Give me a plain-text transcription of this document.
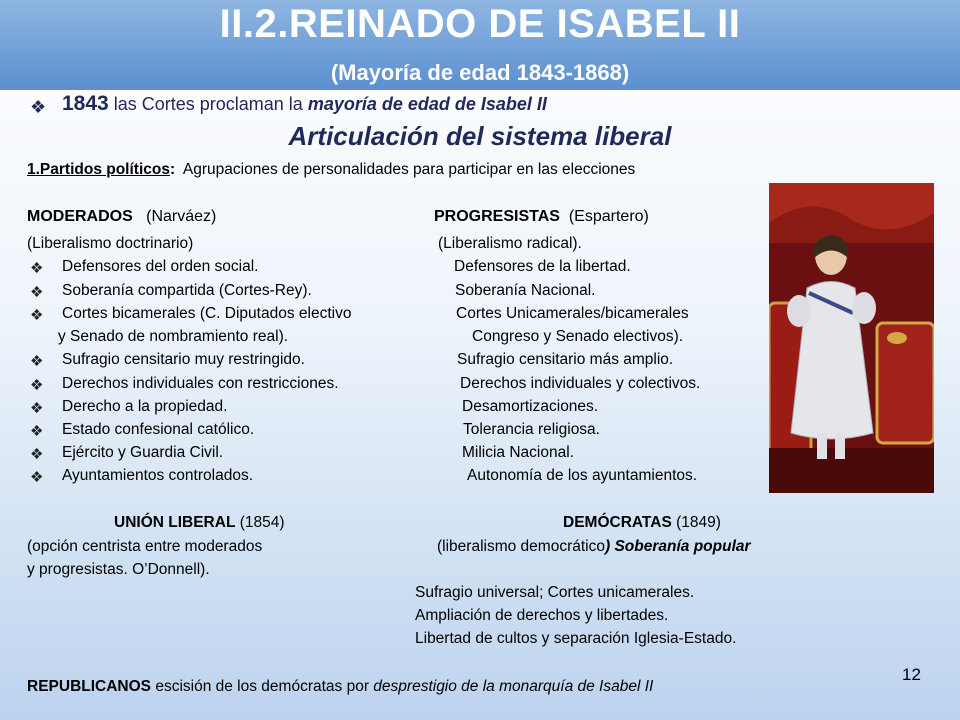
II.2.REINADO DE ISABEL II
(Mayoría de edad 1843-1868)
❖ 1843 las Cortes proclaman la mayoría de edad de Isabel II
Articulación del sistema liberal
1.Partidos políticos: Agrupaciones de personalidades para participar en las elecciones
MODERADOS (Narváez)
(Liberalismo doctrinario)
❖ Defensores del orden social.
❖ Soberanía compartida (Cortes-Rey).
❖ Cortes bicamerales (C. Diputados electivo
y Senado de nombramiento real).
❖ Sufragio censitario muy restringido.
❖ Derechos individuales con restricciones.
❖ Derecho a la propiedad.
❖ Estado confesional católico.
❖ Ejército y Guardia Civil.
❖ Ayuntamientos controlados.
PROGRESISTAS (Espartero)
(Liberalismo radical).
Defensores de la libertad.
Soberanía Nacional.
Cortes Unicamerales/bicamerales
Congreso y Senado electivos).
Sufragio censitario más amplio.
Derechos individuales y colectivos.
Desamortizaciones.
Tolerancia religiosa.
Milicia Nacional.
Autonomía de los ayuntamientos.
UNIÓN LIBERAL (1854)
(opción centrista entre moderados
y progresistas. O’Donnell).
DEMÓCRATAS (1849)
(liberalismo democrático) Soberanía popular
Sufragio universal; Cortes unicamerales.
Ampliación de derechos y libertades.
Libertad de cultos y separación Iglesia-Estado.
REPUBLICANOS escisión de los demócratas por desprestigio de la monarquía de Isabel II
12
